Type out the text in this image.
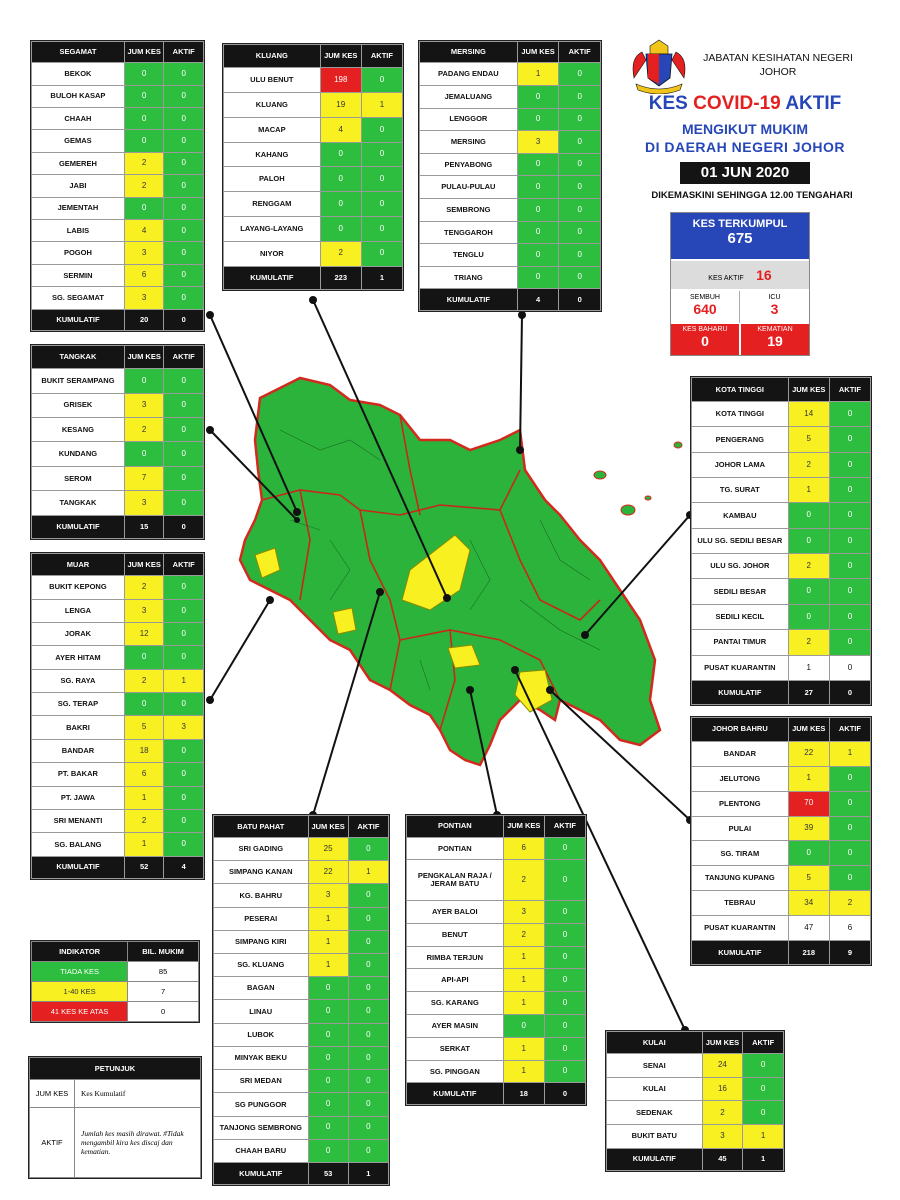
JABATAN KESIHATAN NEGERI JOHOR
KES COVID-19 AKTIF
MENGIKUT MUKIM
DI DAERAH NEGERI JOHOR
01 JUN 2020
DIKEMASKINI SEHINGGA 12.00 TENGAHARI
KES TERKUMPUL
675
KES AKTIF 16
SEMBUH
640
ICU
3
KES BAHARU
0
KEMATIAN
19
SEGAMAT	JUM KES	AKTIF
BEKOK	0	0
BULOH KASAP	0	0
CHAAH	0	0
GEMAS	0	0
GEMEREH	2	0
JABI	2	0
JEMENTAH	0	0
LABIS	4	0
POGOH	3	0
SERMIN	6	0
SG. SEGAMAT	3	0
KUMULATIF	20	0
KLUANG	JUM KES	AKTIF
ULU BENUT	198	0
KLUANG	19	1
MACAP	4	0
KAHANG	0	0
PALOH	0	0
RENGGAM	0	0
LAYANG-LAYANG	0	0
NIYOR	2	0
KUMULATIF	223	1
MERSING	JUM KES	AKTIF
PADANG ENDAU	1	0
JEMALUANG	0	0
LENGGOR	0	0
MERSING	3	0
PENYABONG	0	0
PULAU-PULAU	0	0
SEMBRONG	0	0
TENGGAROH	0	0
TENGLU	0	0
TRIANG	0	0
KUMULATIF	4	0
TANGKAK	JUM KES	AKTIF
BUKIT SERAMPANG	0	0
GRISEK	3	0
KESANG	2	0
KUNDANG	0	0
SEROM	7	0
TANGKAK	3	0
KUMULATIF	15	0
MUAR	JUM KES	AKTIF
BUKIT KEPONG	2	0
LENGA	3	0
JORAK	12	0
AYER HITAM	0	0
SG. RAYA	2	1
SG. TERAP	0	0
BAKRI	5	3
BANDAR	18	0
PT. BAKAR	6	0
PT. JAWA	1	0
SRI MENANTI	2	0
SG. BALANG	1	0
KUMULATIF	52	4
KOTA TINGGI	JUM KES	AKTIF
KOTA TINGGI	14	0
PENGERANG	5	0
JOHOR LAMA	2	0
TG. SURAT	1	0
KAMBAU	0	0
ULU SG. SEDILI BESAR	0	0
ULU SG. JOHOR	2	0
SEDILI BESAR	0	0
SEDILI KECIL	0	0
PANTAI TIMUR	2	0
PUSAT KUARANTIN	1	0
KUMULATIF	27	0
JOHOR BAHRU	JUM KES	AKTIF
BANDAR	22	1
JELUTONG	1	0
PLENTONG	70	0
PULAI	39	0
SG. TIRAM	0	0
TANJUNG KUPANG	5	0
TEBRAU	34	2
PUSAT KUARANTIN	47	6
KUMULATIF	218	9
BATU PAHAT	JUM KES	AKTIF
SRI GADING	25	0
SIMPANG KANAN	22	1
KG. BAHRU	3	0
PESERAI	1	0
SIMPANG KIRI	1	0
SG. KLUANG	1	0
BAGAN	0	0
LINAU	0	0
LUBOK	0	0
MINYAK BEKU	0	0
SRI MEDAN	0	0
SG PUNGGOR	0	0
TANJONG SEMBRONG	0	0
CHAAH BARU	0	0
KUMULATIF	53	1
PONTIAN	JUM KES	AKTIF
PONTIAN	6	0
PENGKALAN RAJA / JERAM BATU	2	0
AYER BALOI	3	0
BENUT	2	0
RIMBA TERJUN	1	0
API-API	1	0
SG. KARANG	1	0
AYER MASIN	0	0
SERKAT	1	0
SG. PINGGAN	1	0
KUMULATIF	18	0
KULAI	JUM KES	AKTIF
SENAI	24	0
KULAI	16	0
SEDENAK	2	0
BUKIT BATU	3	1
KUMULATIF	45	1
INDIKATOR	BIL. MUKIM
TIADA KES	85
1-40 KES	7
41 KES KE ATAS	0
PETUNJUK	
JUM KES	Kes Kumulatif
AKTIF	Jumlah kes masih dirawat. #Tidak mengambil kira kes discaj dan kematian.
